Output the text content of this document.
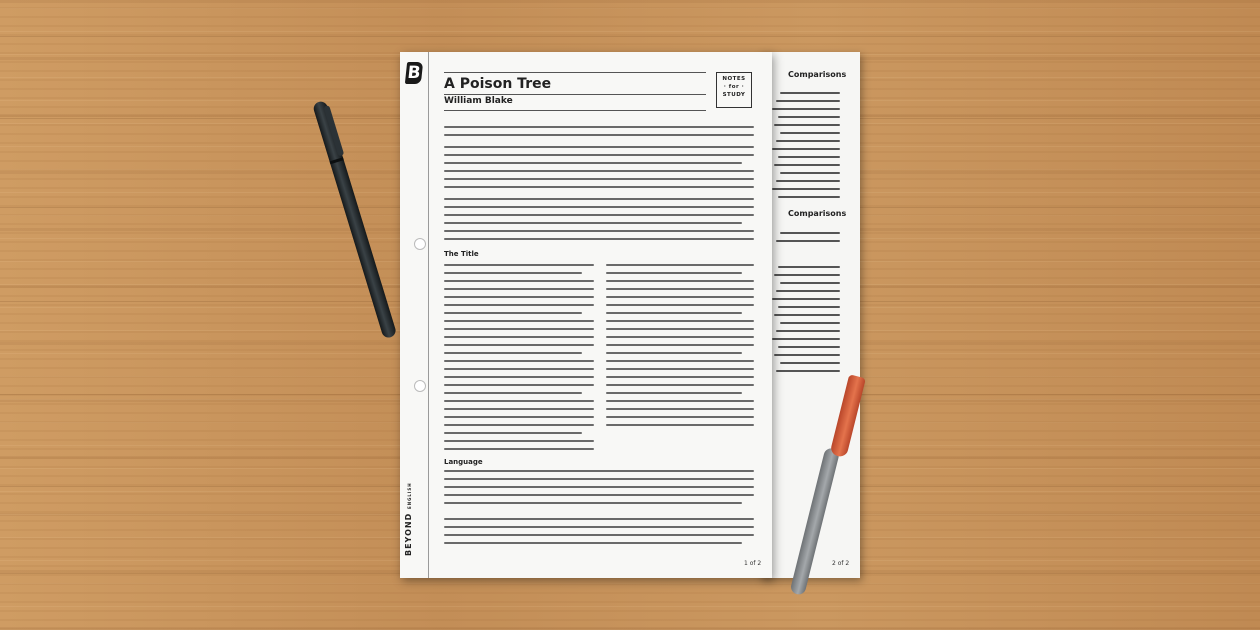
Comparisons
Comparisons
2 of 2
B
BEYOND ENGLISH
A Poison Tree
William Blake
NOTES
· for ·
STUDY
The Title
Language
1 of 2
